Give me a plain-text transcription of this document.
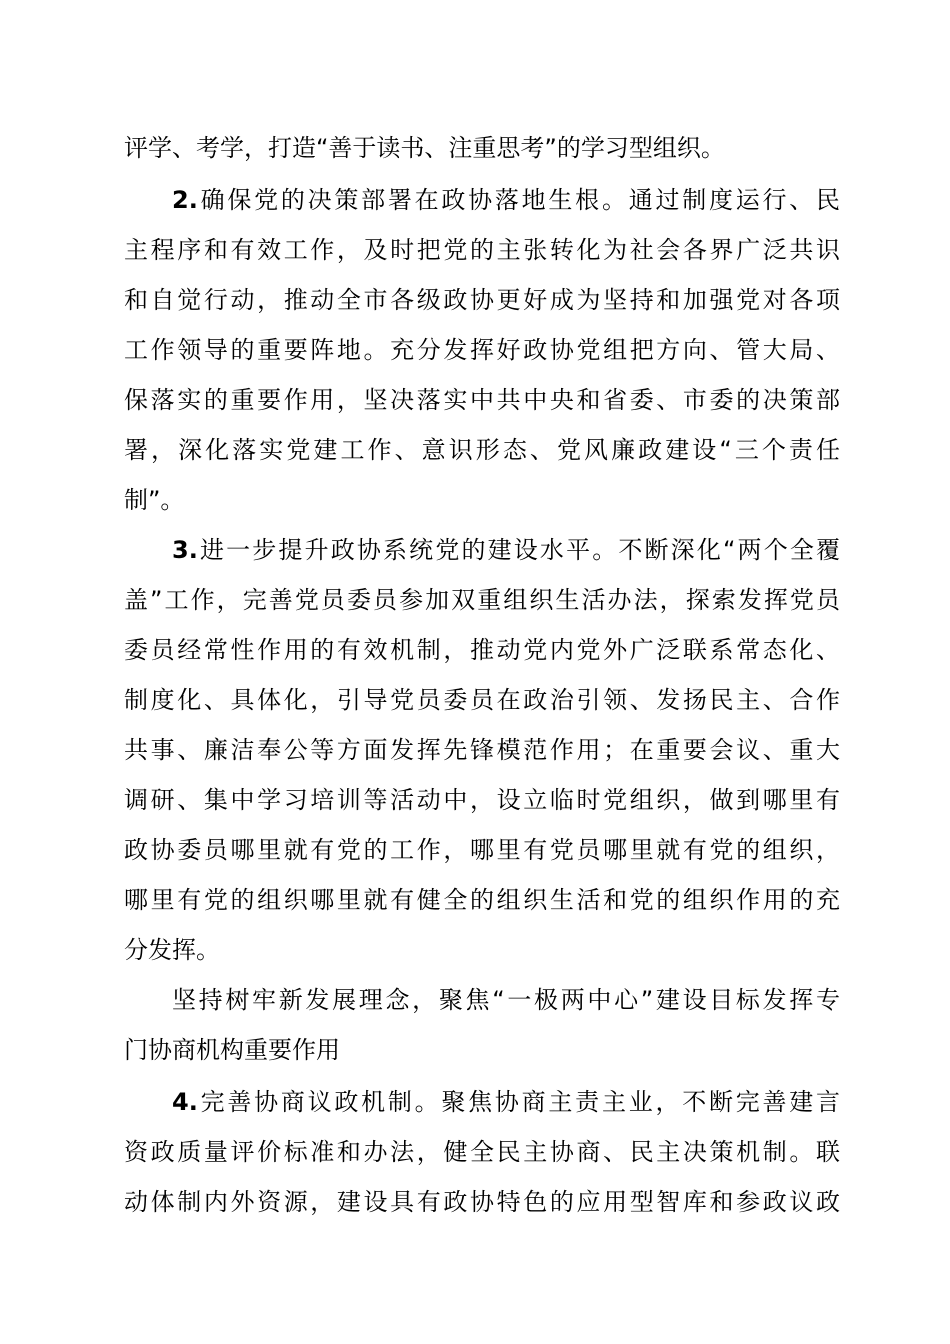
评学、考学，打造“善于读书、注重思考”的学习型组织。
2.确保党的决策部署在政协落地生根。通过制度运行、民
主程序和有效工作，及时把党的主张转化为社会各界广泛共识
和自觉行动，推动全市各级政协更好成为坚持和加强党对各项
工作领导的重要阵地。充分发挥好政协党组把方向、管大局、
保落实的重要作用，坚决落实中共中央和省委、市委的决策部
署，深化落实党建工作、意识形态、党风廉政建设“三个责任
制”。
3.进一步提升政协系统党的建设水平。不断深化“两个全覆
盖”工作，完善党员委员参加双重组织生活办法，探索发挥党员
委员经常性作用的有效机制，推动党内党外广泛联系常态化、
制度化、具体化，引导党员委员在政治引领、发扬民主、合作
共事、廉洁奉公等方面发挥先锋模范作用；在重要会议、重大
调研、集中学习培训等活动中，设立临时党组织，做到哪里有
政协委员哪里就有党的工作，哪里有党员哪里就有党的组织，
哪里有党的组织哪里就有健全的组织生活和党的组织作用的充
分发挥。
坚持树牢新发展理念，聚焦“一极两中心”建设目标发挥专
门协商机构重要作用
4.完善协商议政机制。聚焦协商主责主业，不断完善建言
资政质量评价标准和办法，健全民主协商、民主决策机制。联
动体制内外资源，建设具有政协特色的应用型智库和参政议政
